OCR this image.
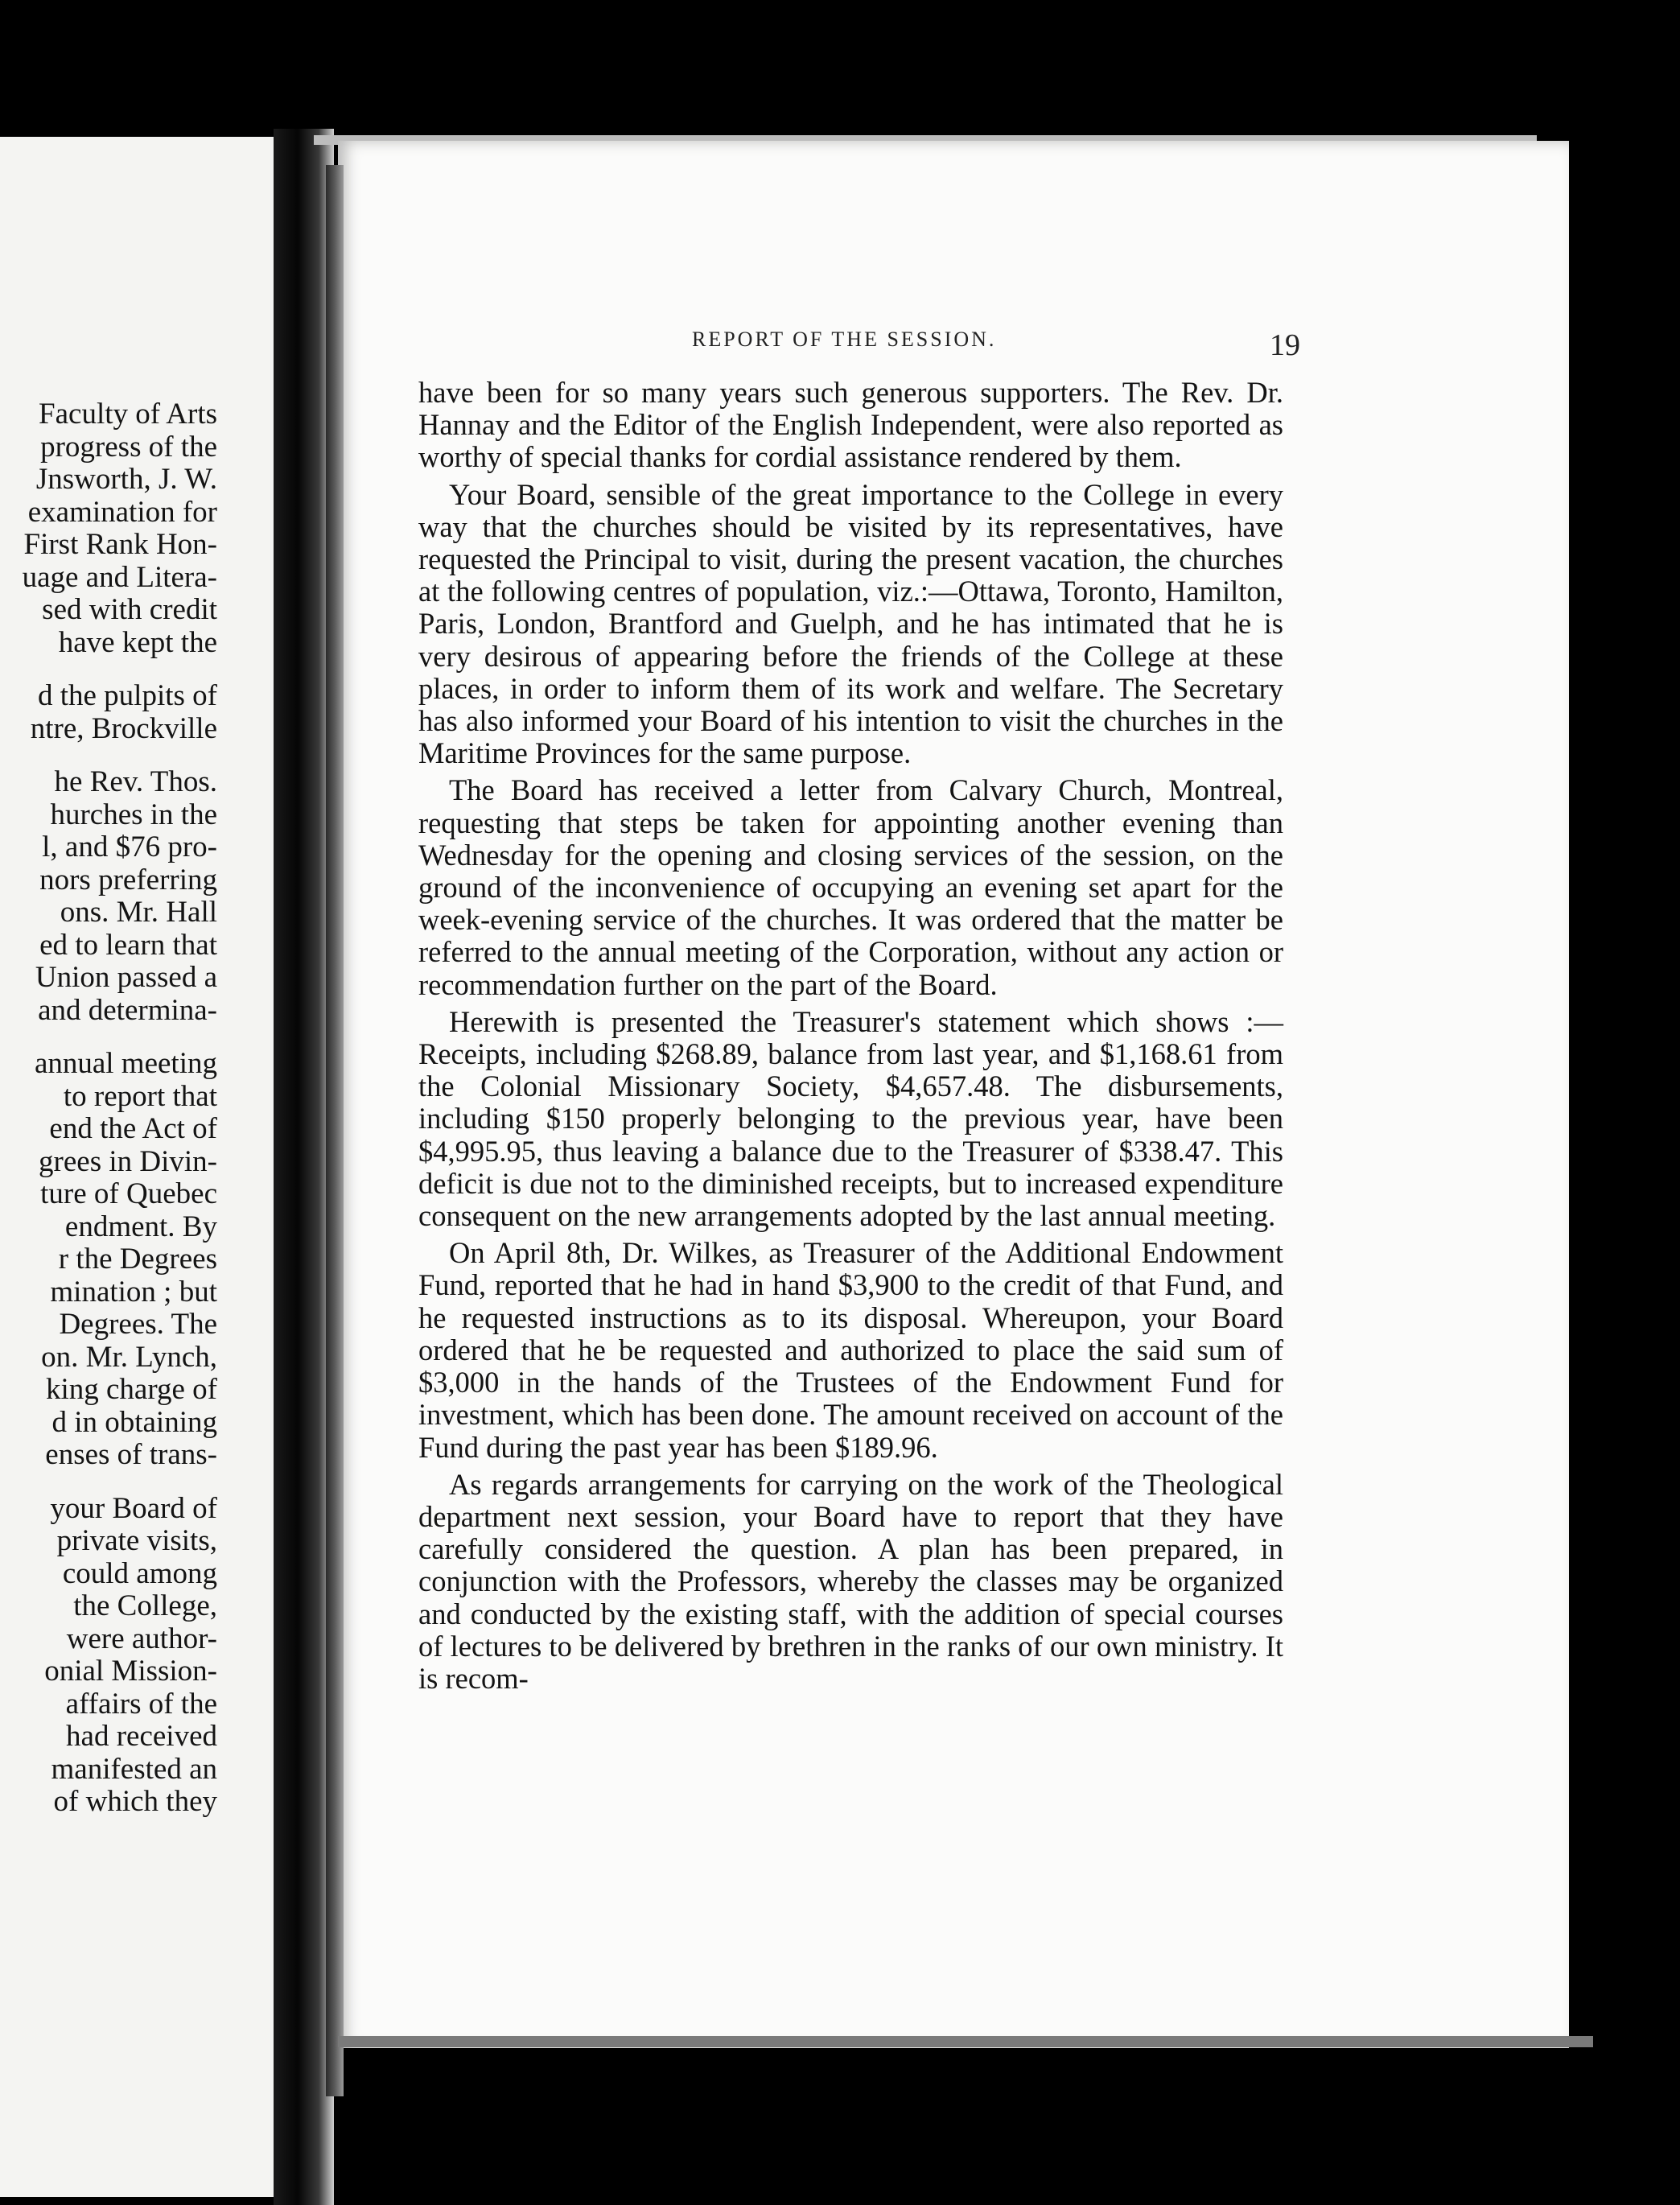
Faculty of Arts
progress of the
Jnsworth, J. W.
examination for
First Rank Hon-
uage and Litera-
sed with credit
have kept the
d the pulpits of
ntre, Brockville
he Rev. Thos.
hurches in the
l, and $76 pro-
nors preferring
ons. Mr. Hall
ed to learn that
Union passed a
and determina-
annual meeting
to report that
end the Act of
grees in Divin-
ture of Quebec
endment. By
r the Degrees
mination ; but
Degrees. The
on. Mr. Lynch,
king charge of
d in obtaining
enses of trans-
your Board of
private visits,
could among
the College,
were author-
onial Mission-
affairs of the
had received
manifested an
of which they
REPORT OF THE SESSION.	19

have been for so many years such generous supporters. The Rev. Dr. Hannay and the Editor of the English Independent, were also reported as worthy of special thanks for cordial assistance rendered by them.

Your Board, sensible of the great importance to the College in every way that the churches should be visited by its representatives, have requested the Principal to visit, during the present vacation, the churches at the following centres of population, viz.:—Ottawa, Toronto, Hamilton, Paris, London, Brantford and Guelph, and he has intimated that he is very desirous of appearing before the friends of the College at these places, in order to inform them of its work and welfare. The Secretary has also informed your Board of his intention to visit the churches in the Maritime Provinces for the same purpose.

The Board has received a letter from Calvary Church, Montreal, requesting that steps be taken for appointing another evening than Wednesday for the opening and closing services of the session, on the ground of the inconvenience of occupying an evening set apart for the week-evening service of the churches. It was ordered that the matter be referred to the annual meeting of the Corporation, without any action or recommendation further on the part of the Board.

Herewith is presented the Treasurer's statement which shows :—Receipts, including $268.89, balance from last year, and $1,168.61 from the Colonial Missionary Society, $4,657.48. The disbursements, including $150 properly belonging to the previous year, have been $4,995.95, thus leaving a balance due to the Treasurer of $338.47. This deficit is due not to the diminished receipts, but to increased expenditure consequent on the new arrangements adopted by the last annual meeting.

On April 8th, Dr. Wilkes, as Treasurer of the Additional Endowment Fund, reported that he had in hand $3,900 to the credit of that Fund, and he requested instructions as to its disposal. Whereupon, your Board ordered that he be requested and authorized to place the said sum of $3,000 in the hands of the Trustees of the Endowment Fund for investment, which has been done. The amount received on account of the Fund during the past year has been $189.96.

As regards arrangements for carrying on the work of the Theological department next session, your Board have to report that they have carefully considered the question. A plan has been prepared, in conjunction with the Professors, whereby the classes may be organized and conducted by the existing staff, with the addition of special courses of lectures to be delivered by brethren in the ranks of our own ministry. It is recom-
